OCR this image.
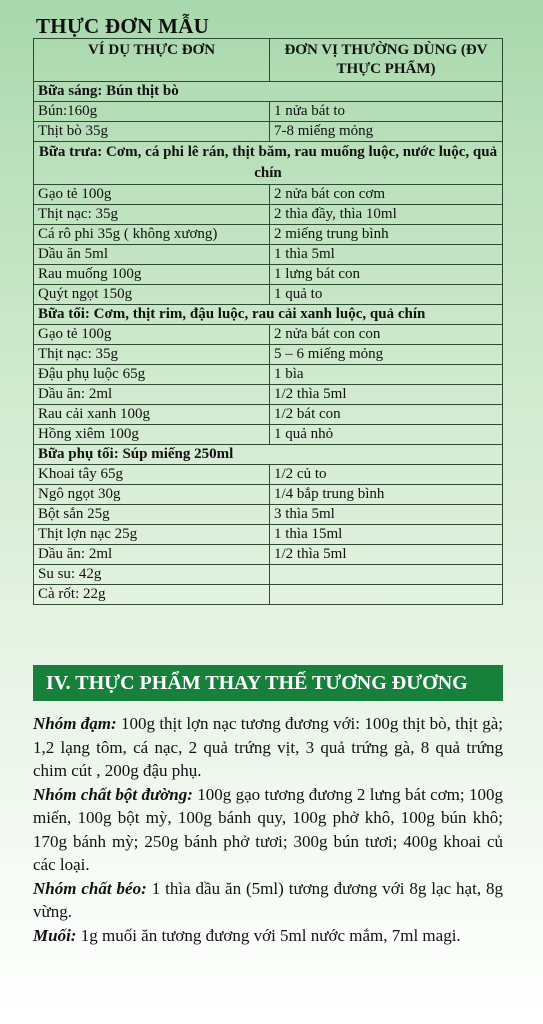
THỰC ĐƠN MẪU
VÍ DỤ THỰC ĐƠN	ĐƠN VỊ THƯỜNG DÙNG (ĐV THỰC PHẨM)
Bữa sáng: Bún thịt bò	
Bún:160g	1 nửa bát to
Thịt bò 35g	7-8 miếng mỏng
Bữa trưa: Cơm, cá phi lê rán, thịt băm, rau muống luộc, nước luộc, quả chín	
Gạo tẻ 100g	2 nửa bát con cơm
Thịt nạc: 35g	2 thìa đầy, thìa 10ml
Cá rô phi 35g ( không xương)	2 miếng trung bình
Dầu ăn 5ml	1 thìa 5ml
Rau muống 100g	1 lưng bát con
Quýt ngọt 150g	1 quả to
Bữa tối: Cơm, thịt rim, đậu luộc, rau cải xanh luộc, quả chín	
Gạo tẻ 100g	2 nửa bát con con
Thịt nạc: 35g	5 – 6 miếng mỏng
Đậu phụ luộc 65g	1 bìa
Dầu ăn: 2ml	1/2 thìa 5ml
Rau cải xanh 100g	1/2 bát con
Hồng xiêm 100g	1 quả nhỏ
Bữa phụ tối: Súp miếng 250ml	
Khoai tây 65g	1/2 củ to
Ngô ngọt 30g	1/4 bắp trung bình
Bột sắn 25g	3 thìa 5ml
Thịt lợn nạc 25g	1 thìa 15ml
Dầu ăn: 2ml	1/2 thìa 5ml
Su su: 42g	
Cà rốt: 22g	
IV. THỰC PHẨM THAY THẾ TƯƠNG ĐƯƠNG

Nhóm đạm: 100g thịt lợn nạc tương đương với: 100g thịt bò, thịt gà; 1,2 lạng tôm, cá nạc, 2 quả trứng vịt, 3 quả trứng gà, 8 quả trứng chim cút , 200g đậu phụ.

Nhóm chất bột đường: 100g gạo tương đương 2 lưng bát cơm; 100g miến, 100g bột mỳ, 100g bánh quy, 100g phở khô, 100g bún khô; 170g bánh mỳ; 250g bánh phở tươi; 300g bún tươi; 400g khoai củ các loại.

Nhóm chất béo: 1 thìa dầu ăn (5ml) tương đương với 8g lạc hạt, 8g vừng.

Muối: 1g muối ăn tương đương với 5ml nước mắm, 7ml magi.
